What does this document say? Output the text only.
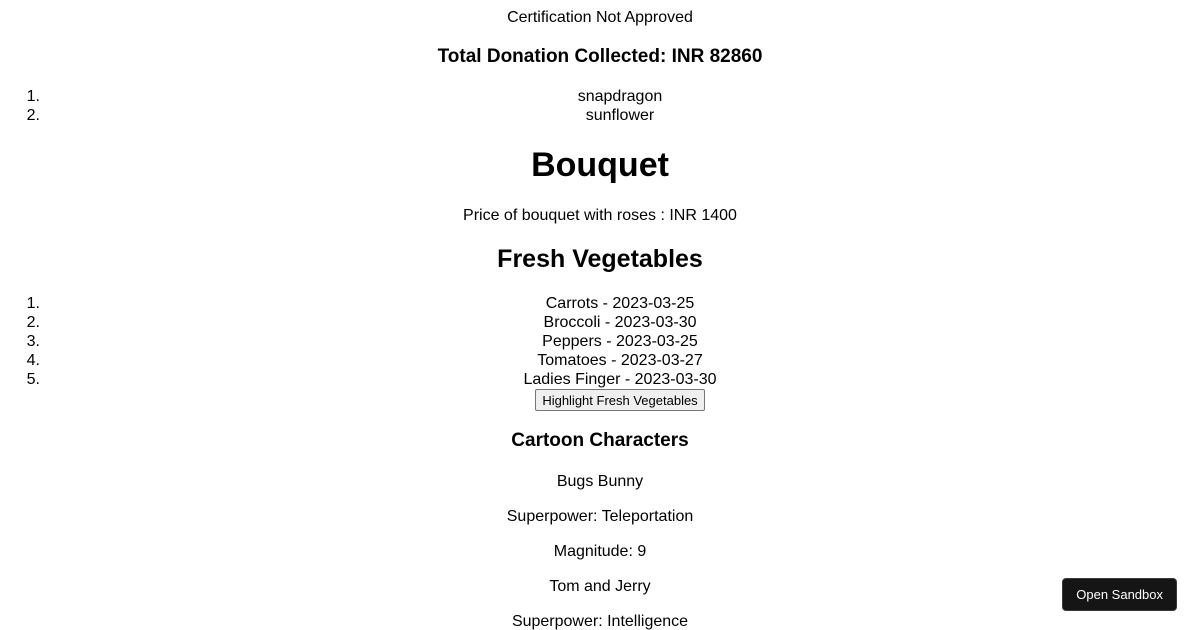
Certification Not Approved
Total Donation Collected: INR 82860
1.	snapdragon
2.	sunflower
Bouquet
Price of bouquet with roses : INR 1400
Fresh Vegetables
1.	Carrots - 2023-03-25
2.	Broccoli - 2023-03-30
3.	Peppers - 2023-03-25
4.	Tomatoes - 2023-03-27
5.	Ladies Finger - 2023-03-30
Highlight Fresh Vegetables
Cartoon Characters
Bugs Bunny
Superpower: Teleportation
Magnitude: 9
Tom and Jerry
Superpower: Intelligence
Open Sandbox
